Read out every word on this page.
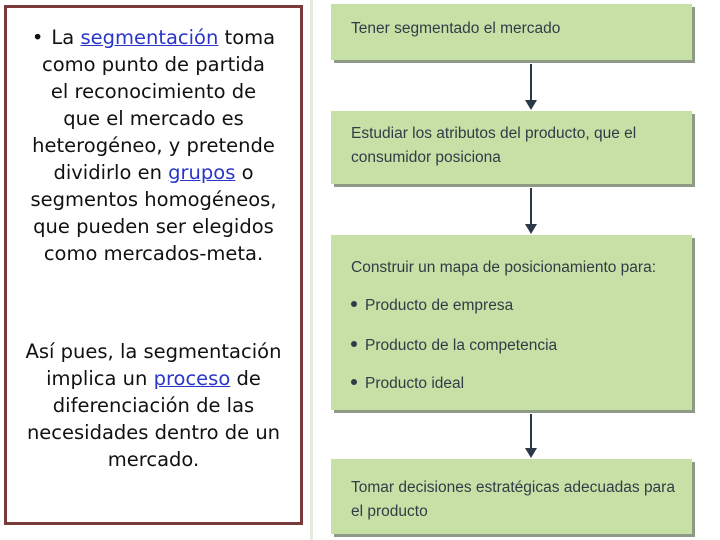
• La segmentación toma
como punto de partida
el reconocimiento de
que el mercado es
heterogéneo, y pretende
dividirlo en grupos o
segmentos homogéneos,
que pueden ser elegidos
como mercados-meta.
Así pues, la segmentación
implica un proceso de
diferenciación de las
necesidades dentro de un
mercado.
Tener segmentado el mercado
Estudiar los atributos del producto, que el
consumidor posiciona
Construir un mapa de posicionamiento para:
Producto de empresa
Producto de la competencia
Producto ideal
Tomar decisiones estratégicas adecuadas para
el producto
